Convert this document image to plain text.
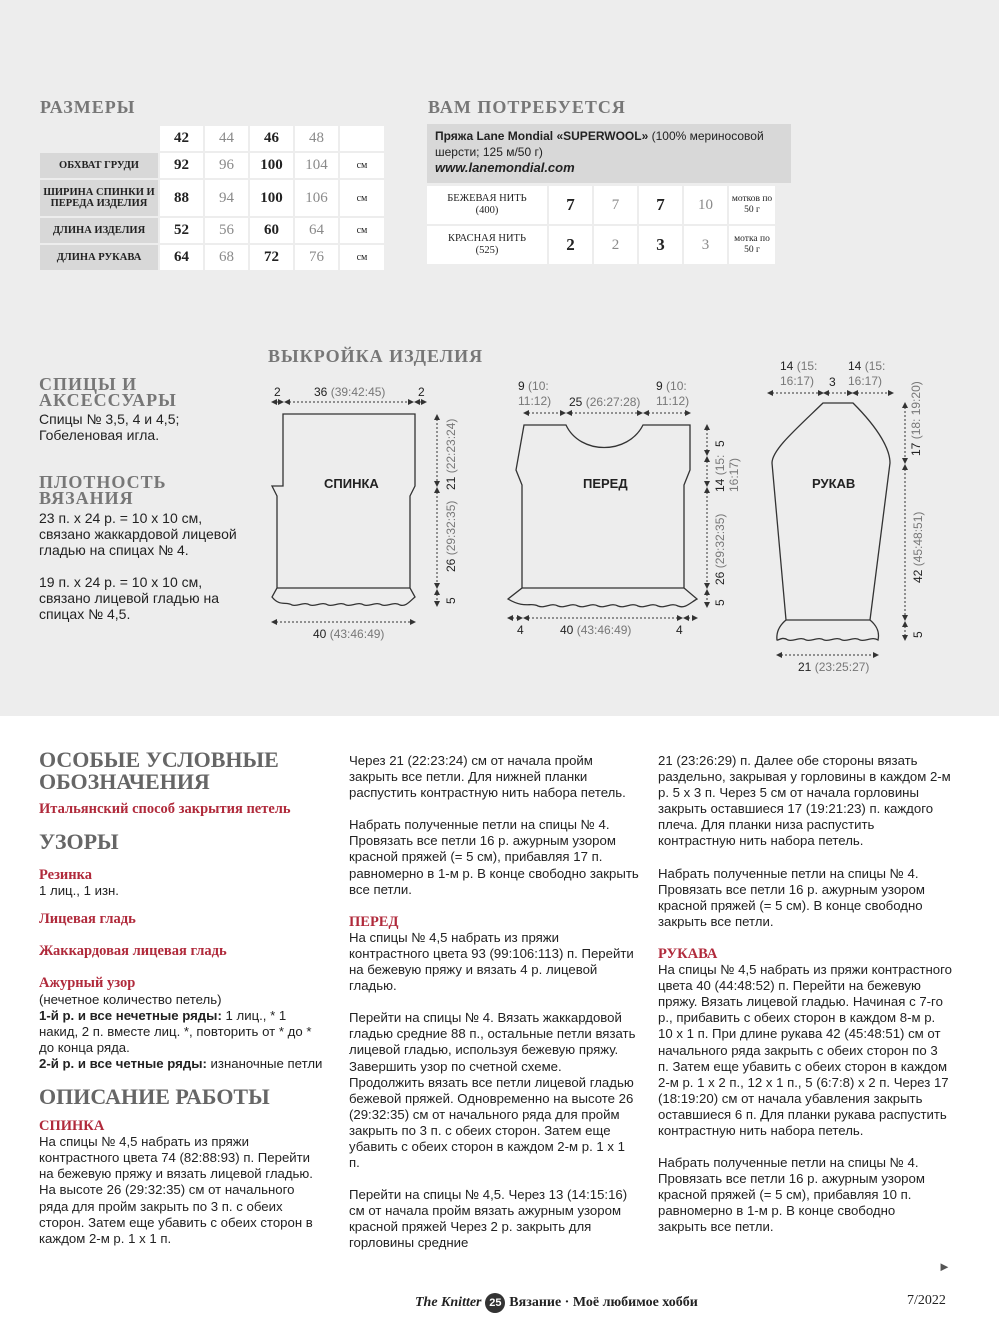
РАЗМЕРЫ
	42	44	46	48	
ОБХВАТ ГРУДИ	92	96	100	104	см
ШИРИНА СПИНКИ И ПЕРЕДА ИЗДЕЛИЯ	88	94	100	106	см
ДЛИНА ИЗДЕЛИЯ	52	56	60	64	см
ДЛИНА РУКАВА	64	68	72	76	см
ВАМ ПОТРЕБУЕТСЯ
Пряжа Lane Mondial «SUPERWOOL» (100% мериносовой
шерсти; 125 м/50 г)
www.lanemondial.com
БЕЖЕВАЯ НИТЬ
(400)	7	7	7	10	мотков по 50 г
КРАСНАЯ НИТЬ
(525)	2	2	3	3	мотка по 50 г
ВЫКРОЙКА ИЗДЕЛИЯ
СПИЦЫ И АКСЕССУАРЫ
Спицы № 3,5, 4 и 4,5; Гобеленовая игла.
ПЛОТНОСТЬ ВЯЗАНИЯ
23 п. х 24 р. = 10 х 10 см, связано жаккардовой лицевой гладью на спицах № 4.
19 п. х 24 р. = 10 х 10 см, связано лицевой гладью на спицах № 4,5.
СПИНКА
2	36 (39:42:45)	2
21 (22:23:24)
26 (29:32:35)
5
40 (43:46:49)
ПЕРЕД
9 (10:
11:12) 25 (26:27:28)
9 (10:
11:12)
5
14 (15:
16:17)
26 (29:32:35)
5
4	40 (43:46:49)	4
РУКАВ
14 (15:
16:17) 3
14 (15:
16:17)
17 (18: 19:20)
42 (45:48:51)
5
21 (23:25:27)
ОСОБЫЕ УСЛОВНЫЕ ОБОЗНАЧЕНИЯ
Итальянский способ закрытия петель
УЗОРЫ
Резинка
1 лиц., 1 изн.
Лицевая гладь
Жаккардовая лицевая гладь
Ажурный узор
(нечетное количество петель)
1-й р. и все нечетные ряды: 1 лиц., * 1 накид, 2 п. вместе лиц. *, повторить от * до * до конца ряда.
2-й р. и все четные ряды: изнаночные петли
ОПИСАНИЕ РАБОТЫ
СПИНКА
На спицы № 4,5 набрать из пряжи контрастного цвета 74 (82:88:93) п. Перейти на бежевую пряжу и вязать лицевой гладью. На высоте 26 (29:32:35) см от начального ряда для пройм закрыть по 3 п. с обеих сторон. Затем еще убавить с обеих сторон в каждом 2-м р. 1 х 1 п.

Через 21 (22:23:24) см от начала пройм закрыть все петли. Для нижней планки распустить контрастную нить набора петель.

Набрать полученные петли на спицы № 4. Провязать все петли 16 р. ажурным узором красной пряжей (= 5 см), прибавляя 17 п. равномерно в 1-м р. В конце свободно закрыть все петли.

ПЕРЕД

На спицы № 4,5 набрать из пряжи контрастного цвета 93 (99:106:113) п. Перейти на бежевую пряжу и вязать 4 р. лицевой гладью.

Перейти на спицы № 4. Вязать жаккардовой гладью средние 88 п., остальные петли вязать лицевой гладью, используя бежевую пряжу. Завершить узор по счетной схеме. Продолжить вязать все петли лицевой гладью бежевой пряжей. Одновременно на высоте 26 (29:32:35) см от начального ряда для пройм закрыть по 3 п. с обеих сторон. Затем еще убавить с обеих сторон в каждом 2-м р. 1 х 1 п.

Перейти на спицы № 4,5. Через 13 (14:15:16) см от начала пройм вязать ажурным узором красной пряжей Через 2 р. закрыть для горловины средние

21 (23:26:29) п. Далее обе стороны вязать раздельно, закрывая у горловины в каждом 2-м р. 5 х 3 п. Через 5 см от начала горловины закрыть оставшиеся 17 (19:21:23) п. каждого плеча. Для планки низа распустить контрастную нить набора петель.

Набрать полученные петли на спицы № 4. Провязать все петли 16 р. ажурным узором красной пряжей (= 5 см). В конце свободно закрыть все петли.

РУКАВА

На спицы № 4,5 набрать из пряжи контрастного цвета 40 (44:48:52) п. Перейти на бежевую пряжу. Вязать лицевой гладью. Начиная с 7-го р., прибавить с обеих сторон в каждом 8-м р. 10 х 1 п. При длине рукава 42 (45:48:51) см от начального ряда закрыть с обеих сторон по 3 п. Затем еще убавить с обеих сторон в каждом 2-м р. 1 х 2 п., 12 х 1 п., 5 (6:7:8) х 2 п. Через 17 (18:19:20) см от начала убавления закрыть оставшиеся 6 п. Для планки рукава распустить контрастную нить набора петель.

Набрать полученные петли на спицы № 4. Провязать все петли 16 р. ажурным узором красной пряжей (= 5 см), прибавляя 10 п. равномерно в 1-м р. В конце свободно закрыть все петли.

►
The Knitter 25 Вязание · Моё любимое хобби	7/2022
